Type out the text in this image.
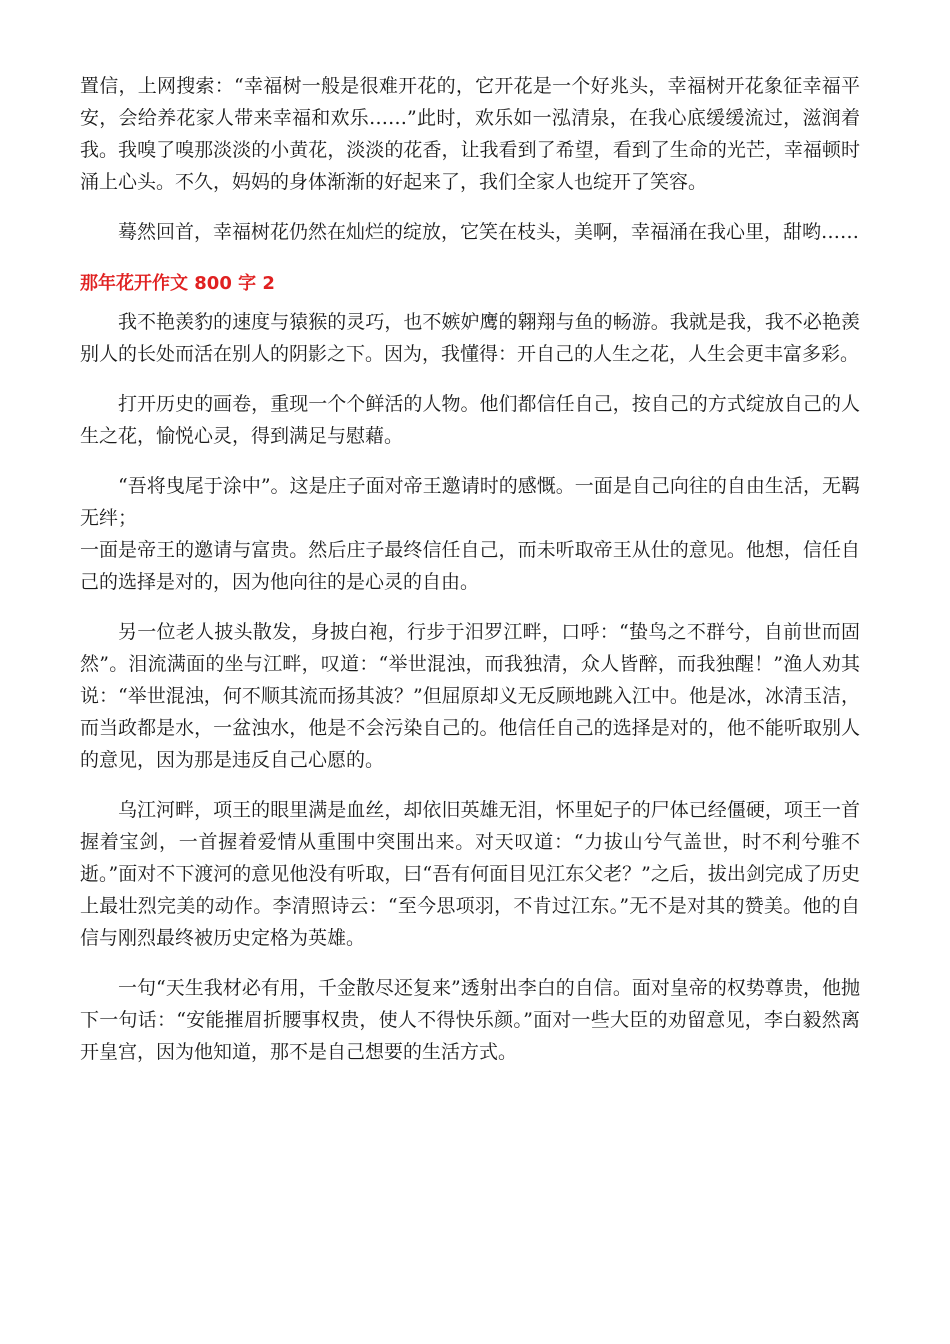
置信，上网搜索：“幸福树一般是很难开花的，它开花是一个好兆头，幸福树开花象征幸福平安，会给养花家人带来幸福和欢乐……”此时，欢乐如一泓清泉，在我心底缓缓流过，滋润着我。我嗅了嗅那淡淡的小黄花，淡淡的花香，让我看到了希望，看到了生命的光芒，幸福顿时涌上心头。不久，妈妈的身体渐渐的好起来了，我们全家人也绽开了笑容。

蓦然回首，幸福树花仍然在灿烂的绽放，它笑在枝头，美啊，幸福涌在我心里，甜哟……

那年花开作文 800 字 2

我不艳羡豹的速度与猿猴的灵巧，也不嫉妒鹰的翱翔与鱼的畅游。我就是我，我不必艳羡别人的长处而活在别人的阴影之下。因为，我懂得：开自己的人生之花，人生会更丰富多彩。

打开历史的画卷，重现一个个鲜活的人物。他们都信任自己，按自己的方式绽放自己的人生之花，愉悦心灵，得到满足与慰藉。

“吾将曳尾于涂中”。这是庄子面对帝王邀请时的感慨。一面是自己向往的自由生活，无羁无绊；

一面是帝王的邀请与富贵。然后庄子最终信任自己，而未听取帝王从仕的意见。他想，信任自己的选择是对的，因为他向往的是心灵的自由。

另一位老人披头散发，身披白袍，行步于汨罗江畔，口呼：“蛰鸟之不群兮，自前世而固然”。泪流满面的坐与江畔，叹道：“举世混浊，而我独清，众人皆醉，而我独醒！”渔人劝其说：“举世混浊，何不顺其流而扬其波？”但屈原却义无反顾地跳入江中。他是冰，冰清玉洁，而当政都是水，一盆浊水，他是不会污染自己的。他信任自己的选择是对的，他不能听取别人的意见，因为那是违反自己心愿的。

乌江河畔，项王的眼里满是血丝，却依旧英雄无泪，怀里妃子的尸体已经僵硬，项王一首握着宝剑，一首握着爱情从重围中突围出来。对天叹道：“力拔山兮气盖世，时不利兮骓不逝。”面对不下渡河的意见他没有听取，曰“吾有何面目见江东父老？”之后，拔出剑完成了历史上最壮烈完美的动作。李清照诗云：“至今思项羽，不肯过江东。”无不是对其的赞美。他的自信与刚烈最终被历史定格为英雄。

一句“天生我材必有用，千金散尽还复来”透射出李白的自信。面对皇帝的权势尊贵，他抛下一句话：“安能摧眉折腰事权贵，使人不得快乐颜。”面对一些大臣的劝留意见，李白毅然离开皇宫，因为他知道，那不是自己想要的生活方式。
